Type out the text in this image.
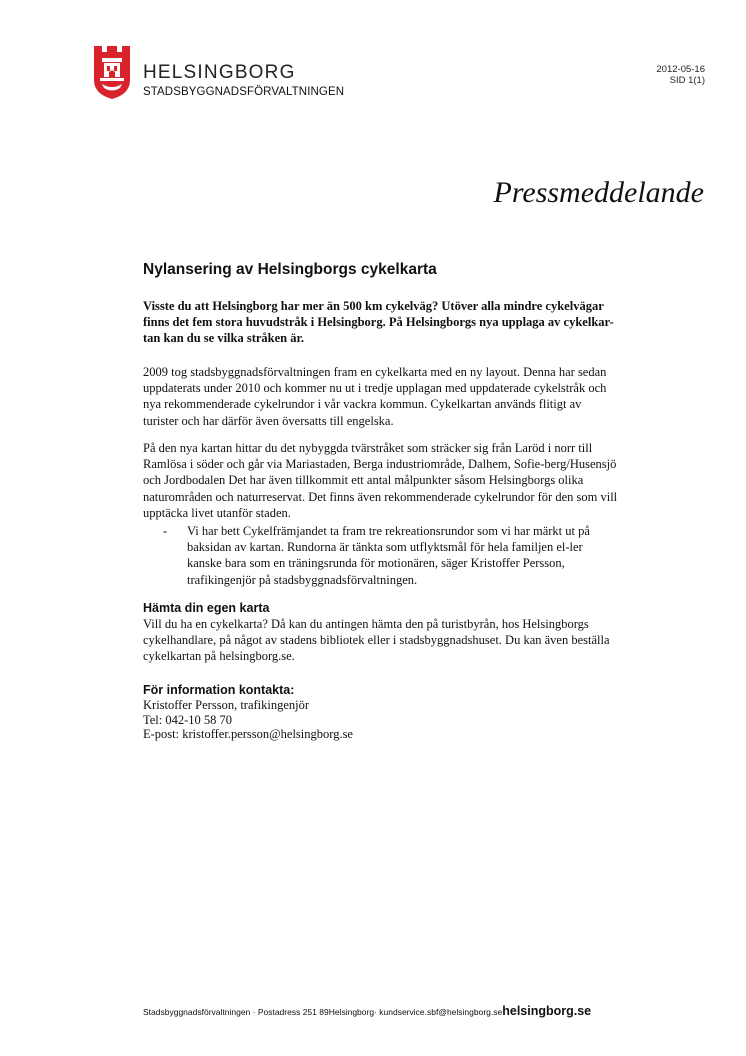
HELSINGBORG
STADSBYGGNADSFÖRVALTNINGEN
2012-05-16
SID 1(1)
Pressmeddelande
Nylansering av Helsingborgs cykelkarta

Visste du att Helsingborg har mer än 500 km cykelväg? Utöver alla mindre cykelvägar finns det fem stora huvudstråk i Helsingborg. På Helsingborgs nya upplaga av cykelkar-tan kan du se vilka stråken är.

2009 tog stadsbyggnadsförvaltningen fram en cykelkarta med en ny layout. Denna har sedan uppdaterats under 2010 och kommer nu ut i tredje upplagan med uppdaterade cykelstråk och nya rekommenderade cykelrundor i vår vackra kommun. Cykelkartan används flitigt av turister och har därför även översatts till engelska.

På den nya kartan hittar du det nybyggda tvärstråket som sträcker sig från Laröd i norr till Ramlösa i söder och går via Mariastaden, Berga industriområde, Dalhem, Sofie-berg/Husensjö och Jordbodalen Det har även tillkommit ett antal målpunkter såsom Helsingborgs olika naturområden och naturreservat. Det finns även rekommenderade cykelrundor för den som vill upptäcka livet utanför staden.

- Vi har bett Cykelfrämjandet ta fram tre rekreationsrundor som vi har märkt ut på baksidan av kartan. Rundorna är tänkta som utflyktsmål för hela familjen el-ler kanske bara som en träningsrunda för motionären, säger Kristoffer Persson, trafikingenjör på stadsbyggnadsförvaltningen.
Hämta din egen karta

Vill du ha en cykelkarta? Då kan du antingen hämta den på turistbyrån, hos Helsingborgs cykelhandlare, på något av stadens bibliotek eller i stadsbyggnadshuset. Du kan även beställa cykelkartan på helsingborg.se.

För information kontakta:
Kristoffer Persson, trafikingenjör
Tel: 042-10 58 70
E-post: kristoffer.persson@helsingborg.se
Stadsbyggnadsförvaltningen · Postadress 251 89Helsingborg· kundservice.sbf@helsingborg.sehelsingborg.se
